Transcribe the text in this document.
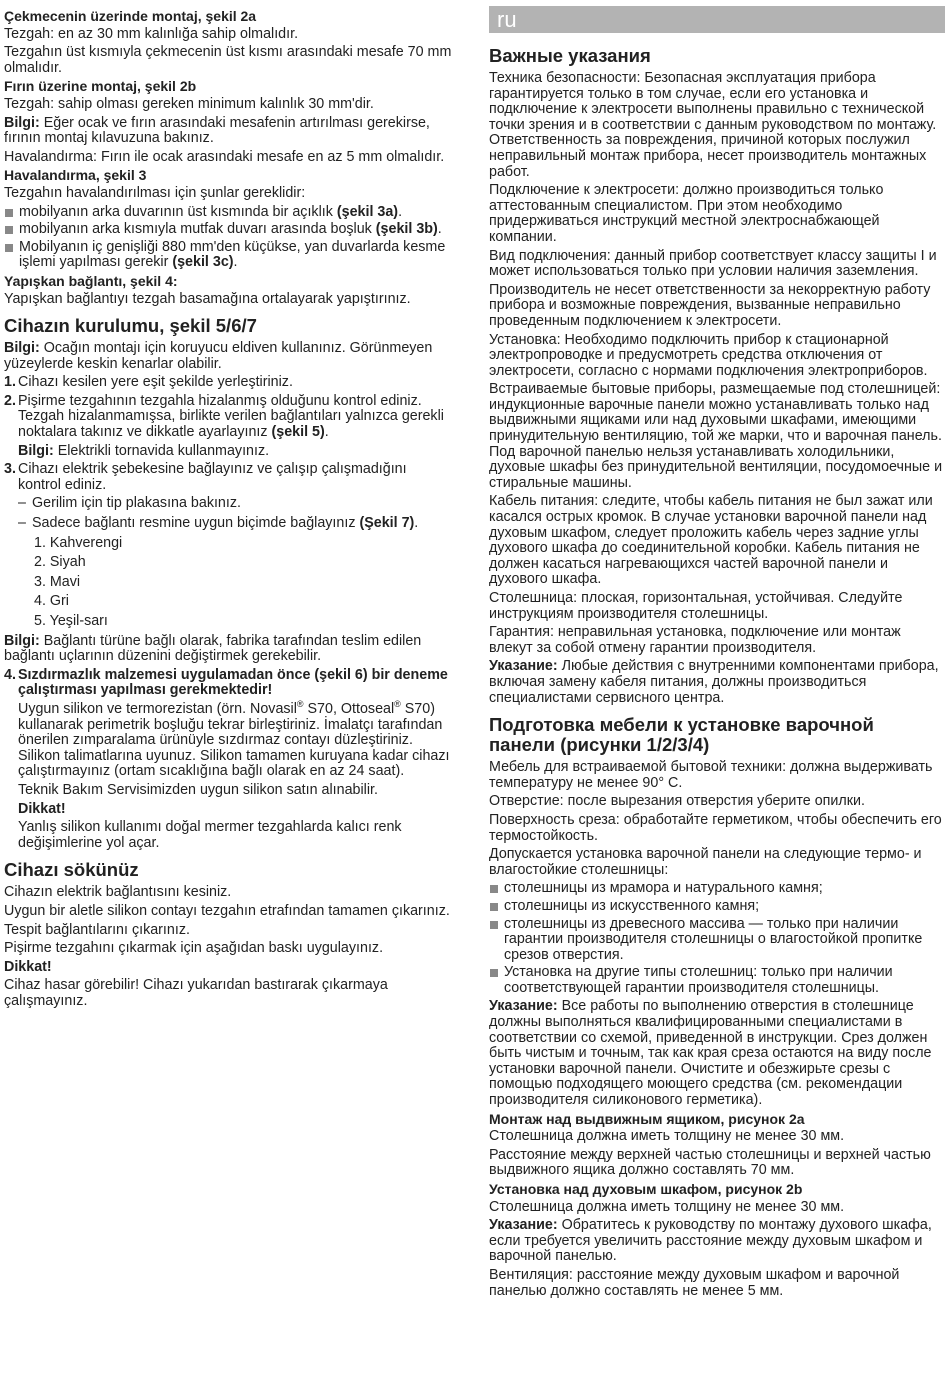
Çekmecenin üzerinde montaj, şekil 2a

Tezgah: en az 30 mm kalınlığa sahip olmalıdır.

Tezgahın üst kısmıyla çekmecenin üst kısmı arasındaki mesafe 70 mm olmalıdır.

Fırın üzerine montaj, şekil 2b

Tezgah: sahip olması gereken minimum kalınlık 30 mm'dir.

Bilgi: Eğer ocak ve fırın arasındaki mesafenin artırılması gerekirse, fırının montaj kılavuzuna bakınız.

Havalandırma: Fırın ile ocak arasındaki mesafe en az 5 mm olmalıdır.

Havalandırma, şekil 3

Tezgahın havalandırılması için şunlar gereklidir:

mobilyanın arka duvarının üst kısmında bir açıklık (şekil 3a).
mobilyanın arka kısmıyla mutfak duvarı arasında boşluk (şekil 3b).
Mobilyanın iç genişliği 880 mm'den küçükse, yan duvarlarda kesme işlemi yapılması gerekir (şekil 3c).
Yapışkan bağlantı, şekil 4:

Yapışkan bağlantıyı tezgah basamağına ortalayarak yapıştırınız.

Cihazın kurulumu, şekil 5/6/7

Bilgi: Ocağın montajı için koruyucu eldiven kullanınız. Görünmeyen yüzeylerde keskin kenarlar olabilir.

1. Cihazı kesilen yere eşit şekilde yerleştiriniz.
2. Pişirme tezgahının tezgahla hizalanmış olduğunu kontrol ediniz. Tezgah hizalanmamışsa, birlikte verilen bağlantıları yalnızca gerekli noktalara takınız ve dikkatle ayarlayınız (şekil 5).

Bilgi: Elektrikli tornavida kullanmayınız.

3. Cihazı elektrik şebekesine bağlayınız ve çalışıp çalışmadığını kontrol ediniz.
– Gerilim için tip plakasına bakınız.
– Sadece bağlantı resmine uygun biçimde bağlayınız (Şekil 7).
1. Kahverengi
2. Siyah
3. Mavi
4. Gri
5. Yeşil-sarı

Bilgi: Bağlantı türüne bağlı olarak, fabrika tarafından teslim edilen bağlantı uçlarının düzenini değiştirmek gerekebilir.

4. Sızdırmazlık malzemesi uygulamadan önce (şekil 6) bir deneme çalıştırması yapılması gerekmektedir!

Uygun silikon ve termorezistan (örn. Novasil® S70, Ottoseal® S70) kullanarak perimetrik boşluğu tekrar birleştiriniz. İmalatçı tarafından önerilen zımparalama ürünüyle sızdırmaz contayı düzleştiriniz. Silikon talimatlarına uyunuz. Silikon tamamen kuruyana kadar cihazı çalıştırmayınız (ortam sıcaklığına bağlı olarak en az 24 saat).

Teknik Bakım Servisimizden uygun silikon satın alınabilir.

Dikkat!

Yanlış silikon kullanımı doğal mermer tezgahlarda kalıcı renk değişimlerine yol açar.

Cihazı sökünüz

Cihazın elektrik bağlantısını kesiniz.

Uygun bir aletle silikon contayı tezgahın etrafından tamamen çıkarınız.

Tespit bağlantılarını çıkarınız.

Pişirme tezgahını çıkarmak için aşağıdan baskı uygulayınız.

Dikkat!

Cihaz hasar görebilir! Cihazı yukarıdan bastırarak çıkarmaya çalışmayınız.

ru
Важные указания

Техника безопасности: Безопасная эксплуатация прибора гарантируется только в том случае, если его установка и подключение к электросети выполнены правильно с технической точки зрения и в соответствии с данным руководством по монтажу. Ответственность за повреждения, причиной которых послужил неправильный монтаж прибора, несет производитель монтажных работ.

Подключение к электросети: должно производиться только аттестованным специалистом. При этом необходимо придерживаться инструкций местной электроснабжающей компании.

Вид подключения: данный прибор соответствует классу защиты I и может использоваться только при условии наличия заземления.

Производитель не несет ответственности за некорректную работу прибора и возможные повреждения, вызванные неправильно проведенным подключением к электросети.

Установка: Необходимо подключить прибор к стационарной электропроводке и предусмотреть средства отключения от электросети, согласно с нормами подключения электроприборов.

Встраиваемые бытовые приборы, размещаемые под столешницей: индукционные варочные панели можно устанавливать только над выдвижными ящиками или над духовыми шкафами, имеющими принудительную вентиляцию, той же марки, что и варочная панель. Под варочной панелью нельзя устанавливать холодильники, духовые шкафы без принудительной вентиляции, посудомоечные и стиральные машины.

Кабель питания: следите, чтобы кабель питания не был зажат или касался острых кромок. В случае установки варочной панели над духовым шкафом, следует проложить кабель через задние углы духового шкафа до соединительной коробки. Кабель питания не должен касаться нагревающихся частей варочной панели и духового шкафа.

Столешница: плоская, горизонтальная, устойчивая. Следуйте инструкциям производителя столешницы.

Гарантия: неправильная установка, подключение или монтаж влекут за собой отмену гарантии производителя.

Указание: Любые действия с внутренними компонентами прибора, включая замену кабеля питания, должны производиться специалистами сервисного центра.

Подготовка мебели к установке варочной панели (рисунки 1/2/3/4)

Мебель для встраиваемой бытовой техники: должна выдерживать температуру не менее 90° C.

Отверстие: после вырезания отверстия уберите опилки.

Поверхность среза: обработайте герметиком, чтобы обеспечить его термостойкость.

Допускается установка варочной панели на следующие термо- и влагостойкие столешницы:

столешницы из мрамора и натурального камня;
столешницы из искусственного камня;
столешницы из древесного массива — только при наличии гарантии производителя столешницы о влагостойкой пропитке срезов отверстия.
Установка на другие типы столешниц: только при наличии соответствующей гарантии производителя столешницы.

Указание: Все работы по выполнению отверстия в столешнице должны выполняться квалифицированными специалистами в соответствии со схемой, приведенной в инструкции. Срез должен быть чистым и точным, так как края среза остаются на виду после установки варочной панели. Очистите и обезжирьте срезы с помощью подходящего моющего средства (см. рекомендации производителя силиконового герметика).

Монтаж над выдвижным ящиком, рисунок 2а

Столешница должна иметь толщину не менее 30 мм.

Расстояние между верхней частью столешницы и верхней частью выдвижного ящика должно составлять 70 мм.

Установка над духовым шкафом, рисунок 2b

Столешница должна иметь толщину не менее 30 мм.

Указание: Обратитесь к руководству по монтажу духового шкафа, если требуется увеличить расстояние между духовым шкафом и варочной панелью.

Вентиляция: расстояние между духовым шкафом и варочной панелью должно составлять не менее 5 мм.
